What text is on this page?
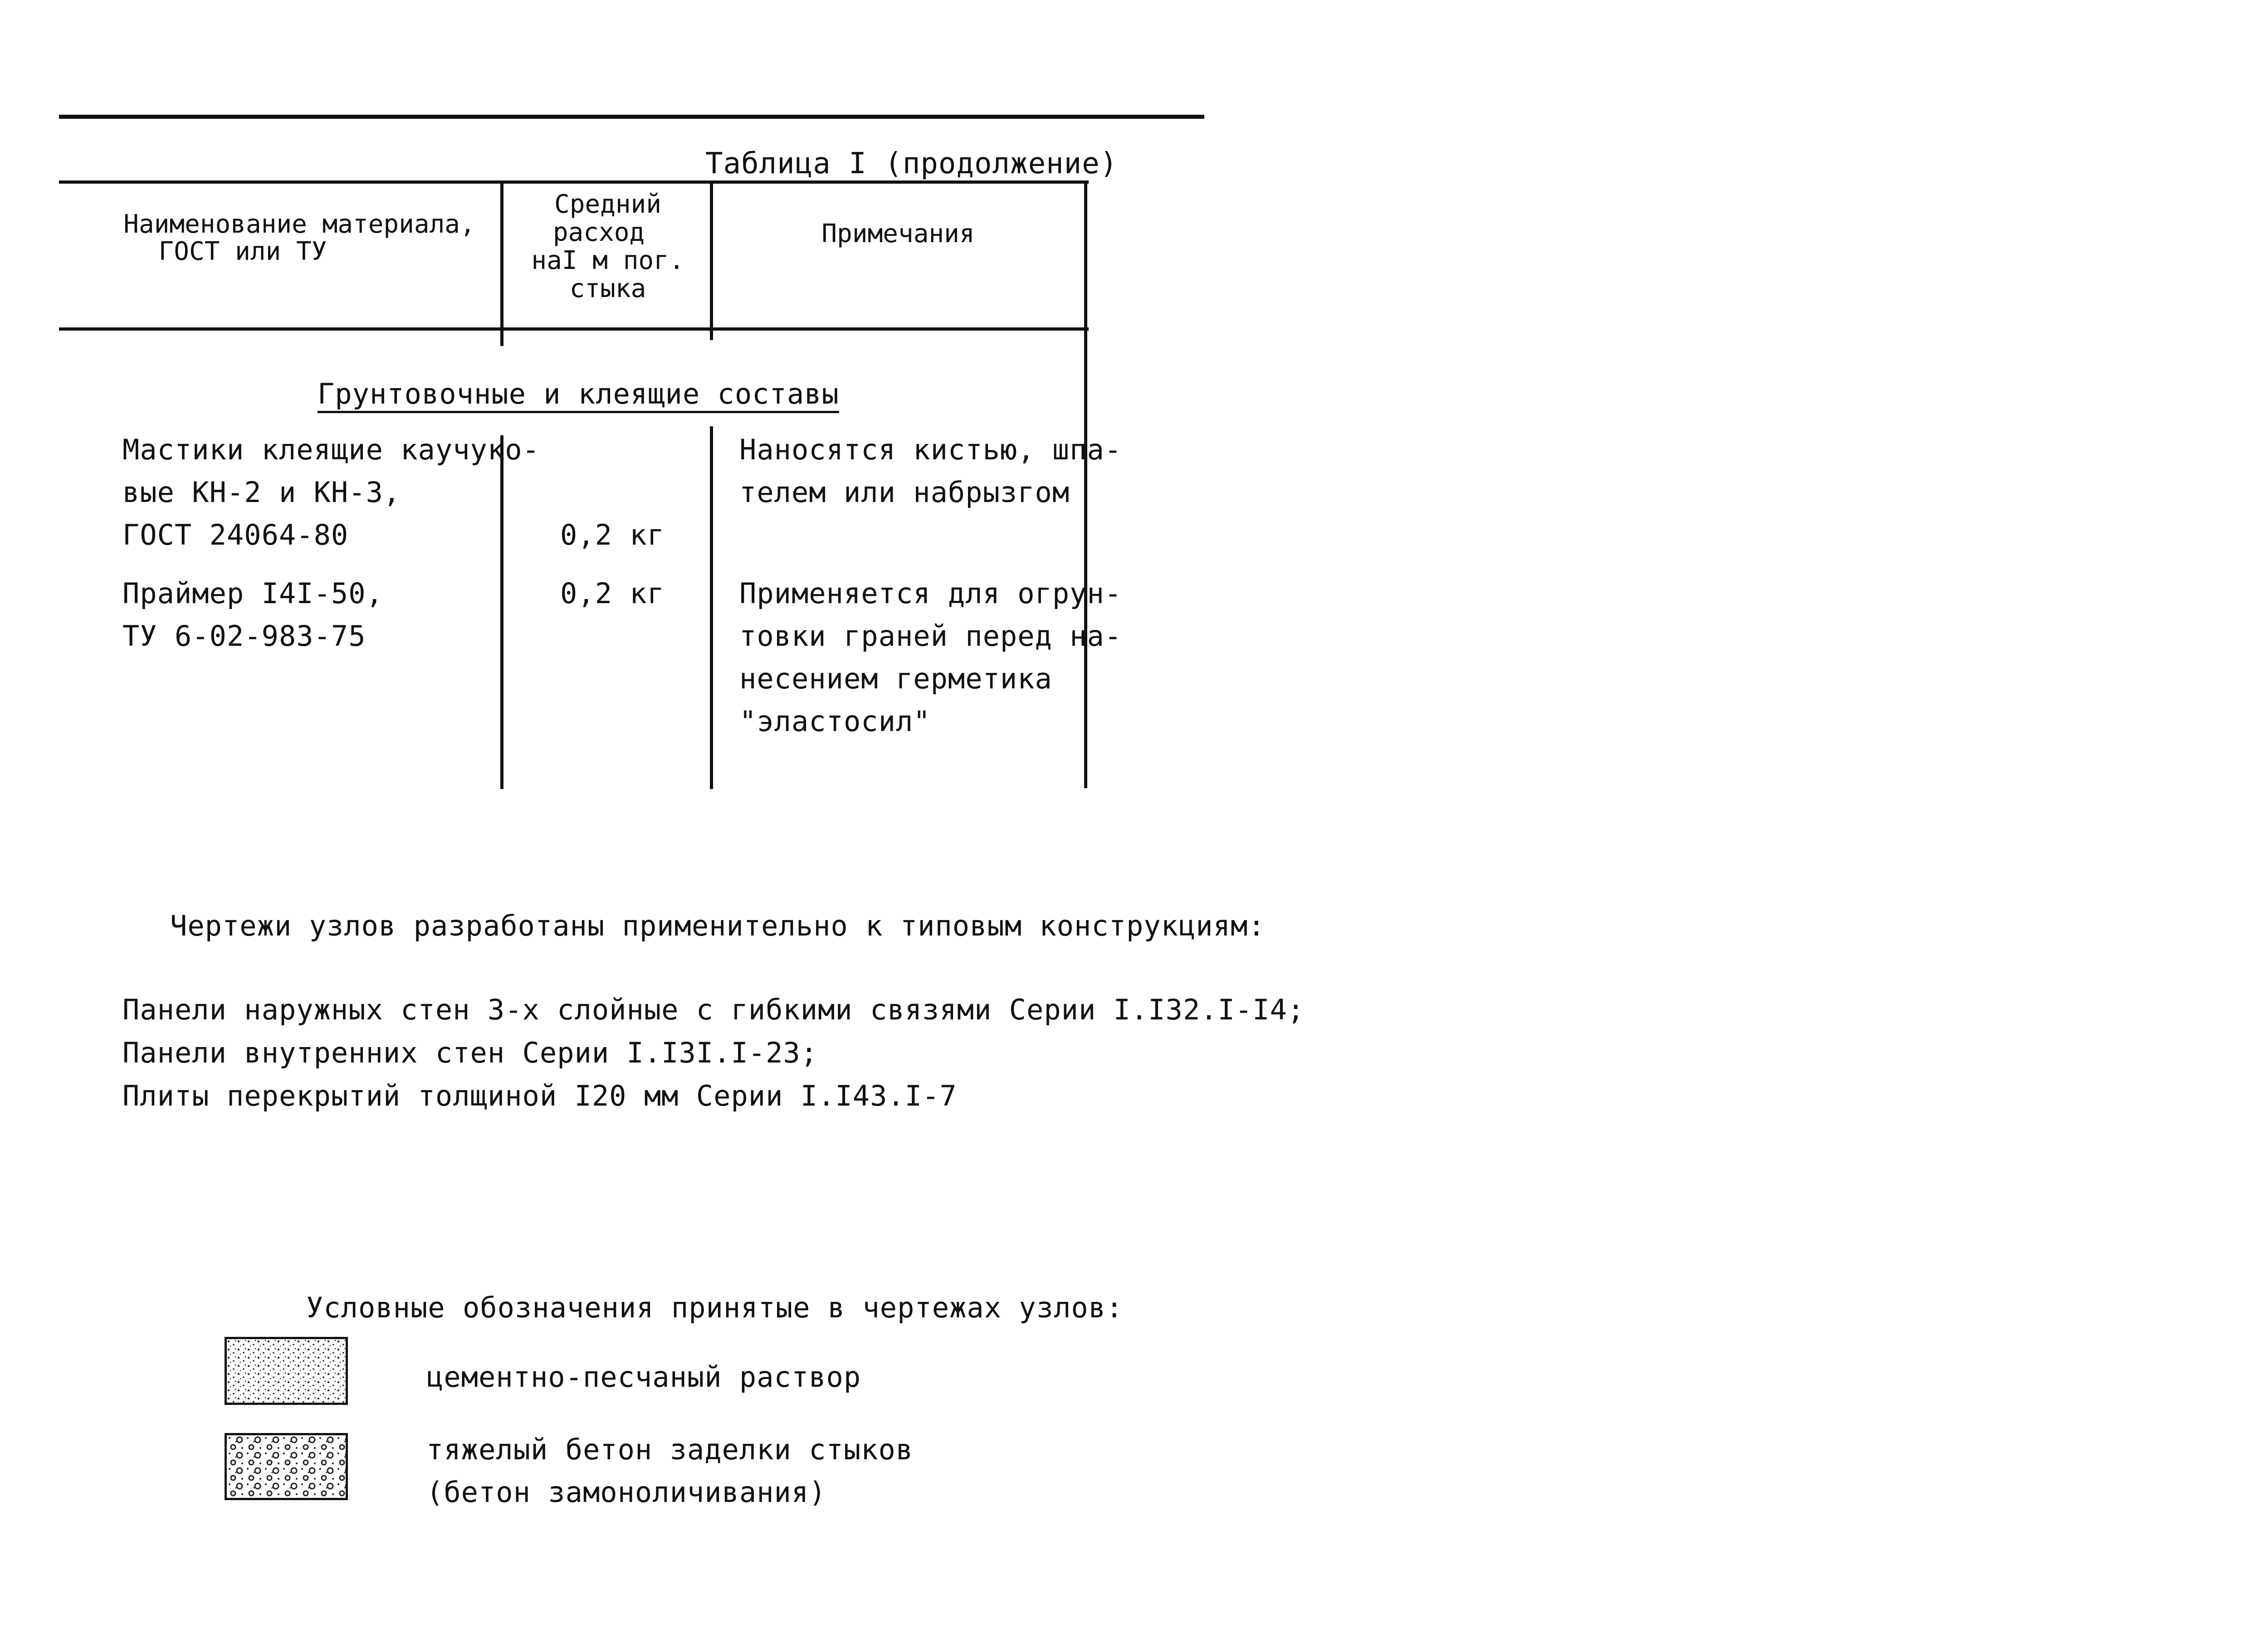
Таблица I (продолжение)
Наименование материала,
ГОСТ или ТУ
Средний
расход
наI м пог.
стыка
Примечания
Грунтовочные и клеящие составы

Мастики клеящие каучуко-

вые КН-2 и КН-3,

ГОСТ 24064-80	0,2 кг

Наносятся кистью, шпа-

телем или набрызгом

Праймер I4I-50,

ТУ 6-02-983-75

0,2 кг	Применяется для огрун-

товки граней перед на-

несением герметика

"эластосил"

Чертежи узлов разработаны применительно к типовым конструкциям:
Панели наружных стен 3-х слойные с гибкими связями Серии I.I32.I-I4;
Панели внутренних стен Серии I.I3I.I-23;
Плиты перекрытий толщиной I20 мм Серии I.I43.I-7
Условные обозначения принятые в чертежах узлов:
цементно-песчаный раствор
тяжелый бетон заделки стыков
(бетон замоноличивания)
